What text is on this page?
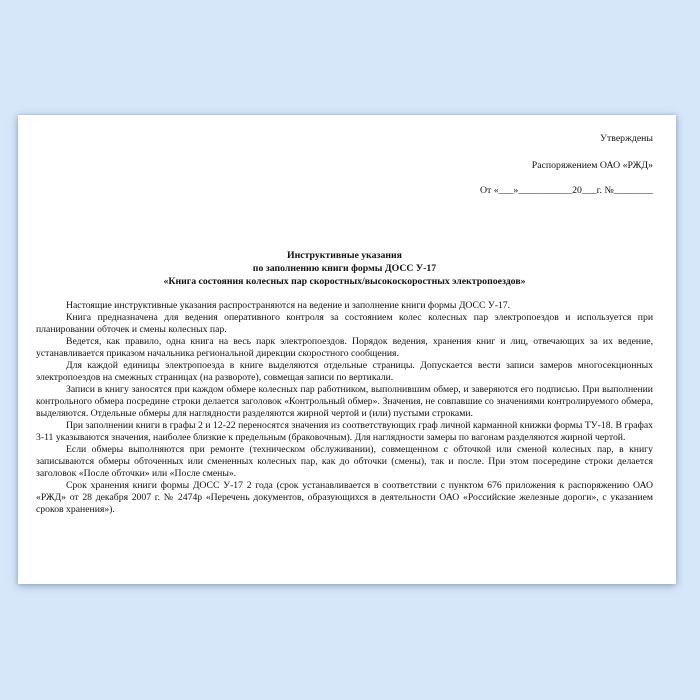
Утверждены

Распоряжением ОАО «РЖД»

От «___»___________20___г. №________

Инструктивные указания

по заполнению книги формы ДОСС У-17

«Книга состояния колесных пар скоростных/высокоскоростных электропоездов»

Настоящие инструктивные указания распространяются на ведение и заполнение книги формы ДОСС У-17.

Книга предназначена для ведения оперативного контроля за состоянием колес колесных пар электропоездов и используется при планировании обточек и смены колесных пар.

Ведется, как правило, одна книга на весь парк электропоездов. Порядок ведения, хранения книг и лиц, отвечающих за их ведение, устанавливается приказом начальника региональной дирекции скоростного сообщения.

Для каждой единицы электропоезда в книге выделяются отдельные страницы. Допускается вести записи замеров многосекционных электропоездов на смежных страницах (на развороте), совмещая записи по вертикали.

Записи в книгу заносятся при каждом обмере колесных пар работником, выполнившим обмер, и заверяются его подписью. При выполнении контрольного обмера посредине строки делается заголовок «Контрольный обмер». Значения, не совпавшие со значениями контролируемого обмера, выделяются. Отдельные обмеры для наглядности разделяются жирной чертой и (или) пустыми строками.

При заполнении книги в графы 2 и 12-22 переносятся значения из соответствующих граф личной карманной книжки формы ТУ-18. В графах 3-11 указываются значения, наиболее близкие к предельным (браковочным). Для наглядности замеры по вагонам разделяются жирной чертой.

Если обмеры выполняются при ремонте (техническом обслуживании), совмещенном с обточкой или сменой колесных пар, в книгу записываются обмеры обточенных или смененных колесных пар, как до обточки (смены), так и после. При этом посередине строки делается заголовок «После обточки» или «После смены».

Срок хранения книги формы ДОСС У-17 2 года (срок устанавливается в соответствии с пунктом 676 приложения к распоряжению ОАО «РЖД» от 28 декабря 2007 г. № 2474р «Перечень документов, образующихся в деятельности ОАО «Российские железные дороги», с указанием сроков хранения»).
